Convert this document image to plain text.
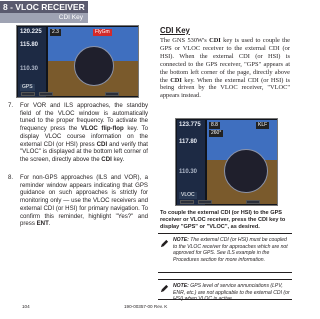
8 - VLOC RECEIVER
CDI Key
120.225
115.80
110.30
FlyGm
2.3
GPS
7.	For VOR and ILS approaches, the standby field of the VLOC window is automatically tuned to the proper frequency. To activate the frequency press the VLOC flip-flop key. To display VLOC course information on the external CDI (or HSI) press CDI and verify that "VLOC" is displayed at the bottom left corner of the screen, directly above the CDI key.
8.	For non-GPS approaches (ILS and VOR), a reminder window appears indicating that GPS guidance on such approaches is strictly for monitoring only — use the VLOC receivers and external CDI (or HSI) for primary navigation. To confirm this reminder, highlight "Yes?" and press ENT.
CDI Key
The GNS 530W's CDI key is used to couple the GPS or VLOC receiver to the external CDI (or HSI). When the external CDI (or HSI) is connected to the GPS receiver, "GPS" appears at the bottom left corner of the page, directly above the CDI key. When the external CDI (or HSI) is being driven by the VLOC receiver, "VLOC" appears instead.
123.775
117.80
110.30
KLF
8.8
260°
VLOC
To couple the external CDI (or HSI) to the GPS receiver or VLOC receiver, press the CDI key to display "GPS" or "VLOC", as desired.
NOTE: The external CDI (or HSI) must be coupled to the VLOC receiver for approaches which are not approved for GPS. See ILS example in the Procedures section for more information.
NOTE: GPS level of service annunciations (LPV, ENR, etc.) are not applicable to the external CDI (or HSI) when VLOC is active.
104	190-00357-00 Rev. K
